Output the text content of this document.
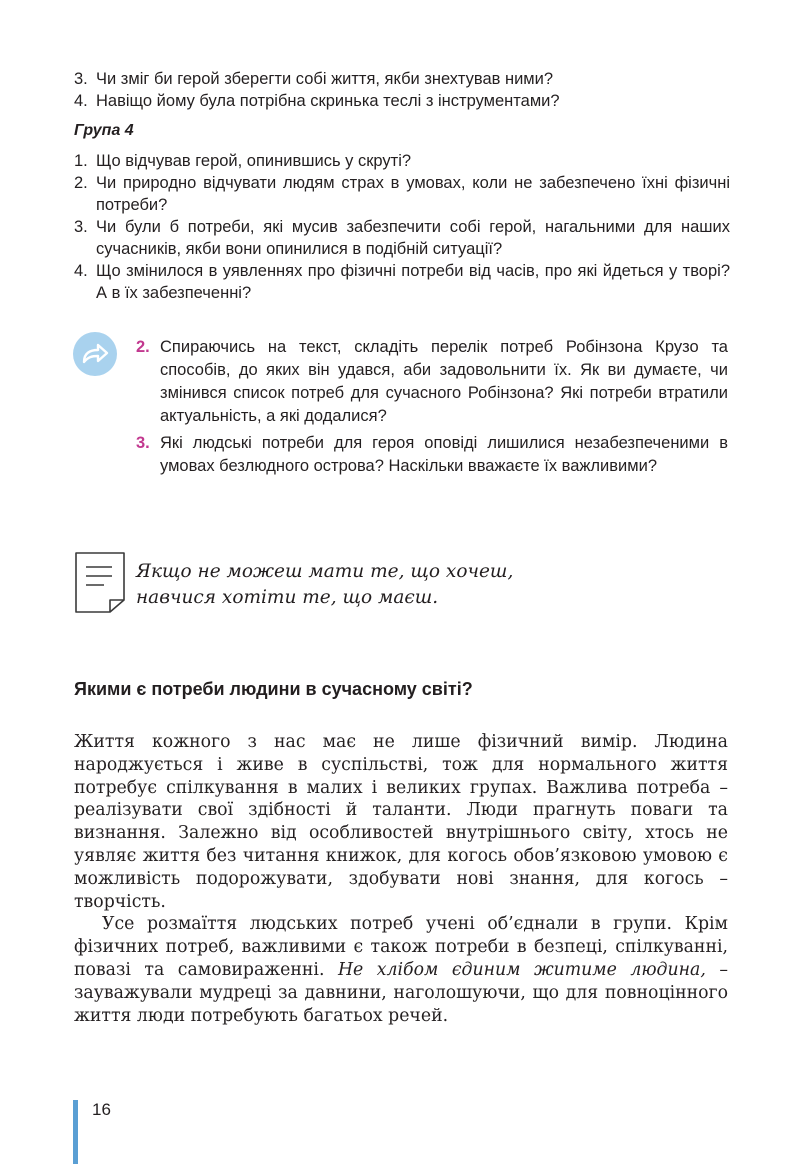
3. Чи зміг би герой зберегти собі життя, якби знехтував ними?
4. Навіщо йому була потрібна скринька теслі з інструментами?
Група 4
1. Що відчував герой, опинившись у скруті?
2. Чи природно відчувати людям страх в умовах, коли не забезпечено їхні фізичні потреби?
3. Чи були б потреби, які мусив забезпечити собі герой, нагальними для наших сучасників, якби вони опинилися в подібній ситуації?
4. Що змінилося в уявленнях про фізичні потреби від часів, про які йдеться у творі? А в їх забезпеченні?
2. Спираючись на текст, складіть перелік потреб Робінзона Крузо та способів, до яких він удався, аби задовольнити їх. Як ви думаєте, чи змінився список потреб для сучасного Робінзона? Які потреби втратили актуальність, а які додалися?
3. Які людські потреби для героя оповіді лишилися незабезпеченими в умовах безлюдного острова? Наскільки вважаєте їх важливими?
Якщо не можеш мати те, що хочеш,
навчися хотіти те, що маєш.
Якими є потреби людини в сучасному світі?

Життя кожного з нас має не лише фізичний вимір. Людина народжується і живе в суспільстві, тож для нормального життя потребує спілкування в малих і великих групах. Важлива потреба – реалізувати свої здібності й таланти. Люди прагнуть поваги та визнання. Залежно від особливостей внутрішнього світу, хтось не уявляє життя без читання книжок, для когось обов’язковою умовою є можливість подорожувати, здобувати нові знання, для когось – творчість.

Усе розмаїття людських потреб учені об’єднали в групи. Крім фізичних потреб, важливими є також потреби в безпеці, спілкуванні, повазі та самовираженні. Не хлібом єдиним житиме людина, – зауважували мудреці за давнини, наголошуючи, що для повноцінного життя люди потребують багатьох речей.

16
